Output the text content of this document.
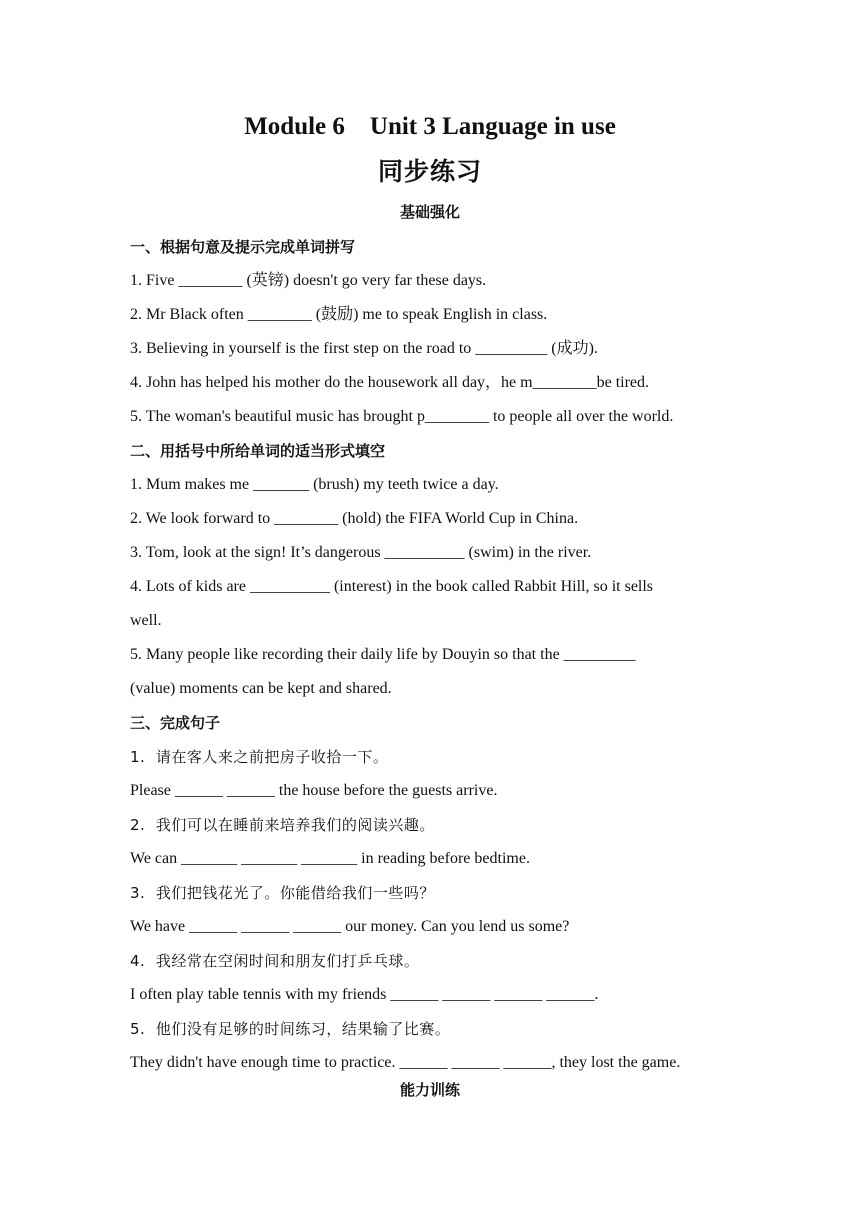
Module 6    Unit 3 Language in use
同步练习
基础强化
一、根据句意及提示完成单词拼写
1. Five ________ (英镑) doesn't go very far these days.
2. Mr Black often ________ (鼓励) me to speak English in class.
3. Believing in yourself is the first step on the road to _________ (成功).
4. John has helped his mother do the housework all day，he m________be tired.
5. The woman's beautiful music has brought p________ to people all over the world.
二、用括号中所给单词的适当形式填空
1. Mum makes me _______ (brush) my teeth twice a day.
2. We look forward to ________ (hold) the FIFA World Cup in China.
3. Tom, look at the sign! It’s dangerous __________ (swim) in the river.
4. Lots of kids are __________ (interest) in the book called Rabbit Hill, so it sells
well.
5. Many people like recording their daily life by Douyin so that the _________
(value) moments can be kept and shared.
三、完成句子
1.  请在客人来之前把房子收拾一下。
Please ______ ______ the house before the guests arrive.
2.  我们可以在睡前来培养我们的阅读兴趣。
We can _______ _______ _______ in reading before bedtime.
3.  我们把钱花光了。你能借给我们一些吗？
We have ______ ______ ______ our money. Can you lend us some?
4.  我经常在空闲时间和朋友们打乒乓球。
I often play table tennis with my friends ______ ______ ______ ______.
5.  他们没有足够的时间练习，结果输了比赛。
They didn't have enough time to practice. ______ ______ ______, they lost the game.
能力训练
